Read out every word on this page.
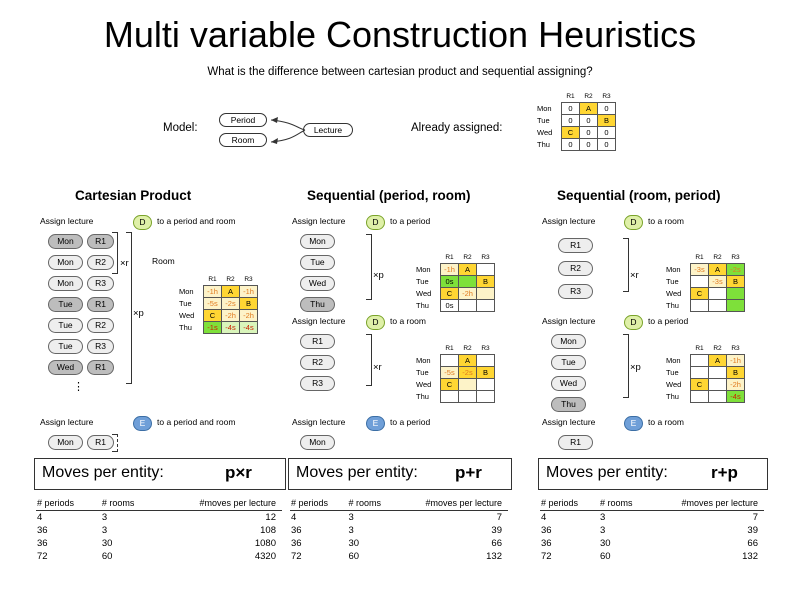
Multi variable Construction Heuristics
What is the difference between cartesian product and sequential assigning?
Model:
Period
Room
Lecture	Already assigned:
	R1	R2	R3
Mon	0	A	0
Tue	0	0	B
Wed	C	0	0
Thu	0	0	0
Cartesian Product
Assign lecture	D	to a period and room
Mon	R1
Mon	R2
Mon	R3
Tue	R1
Tue	R2
Tue	R3
Wed	R1
×r
×p
⋮
Room
	R1	R2	R3
Mon	-1h	A	-1h
Tue	-5s	-2s	B
Wed	C	-2h	-2h
Thu	-1s	-4s	-4s
Assign lecture	E	to a period and room
Mon	R1
Moves per entity:	p×r
# periods	# rooms	#moves per lecture
4	3	12
36	3	108
36	30	1080
72	60	4320
Sequential (period, room)
Assign lecture	D	to a period
Mon
Tue
Wed
Thu
×p
	R1	R2	R3
Mon	-1h	A	
Tue	0s		B
Wed	C	-2h	
Thu	0s		
Assign lecture	D	to a room
R1
R2
R3
×r
	R1	R2	R3
Mon		A	
Tue	-5s	-2s	B
Wed	C		
Thu			
Assign lecture	E	to a period
Mon
Moves per entity: p+r
# periods	# rooms	#moves per lecture
4	3	7
36	3	39
36	30	66
72	60	132
Sequential (room, period)
Assign lecture	D	to a room
R1
R2
R3
×r
	R1	R2	R3
Mon	-3s	A	-2s
Tue		-3s	B
Wed	C		
Thu			
Assign lecture	D	to a period
Mon
Tue
Wed
Thu
×p
	R1	R2	R3
Mon		A	-1h
Tue			B
Wed	C		-2h
Thu			-4s
Assign lecture	E	to a room
R1
Moves per entity:	r+p
# periods	# rooms	#moves per lecture
4	3	7
36	3	39
36	30	66
72	60	132
